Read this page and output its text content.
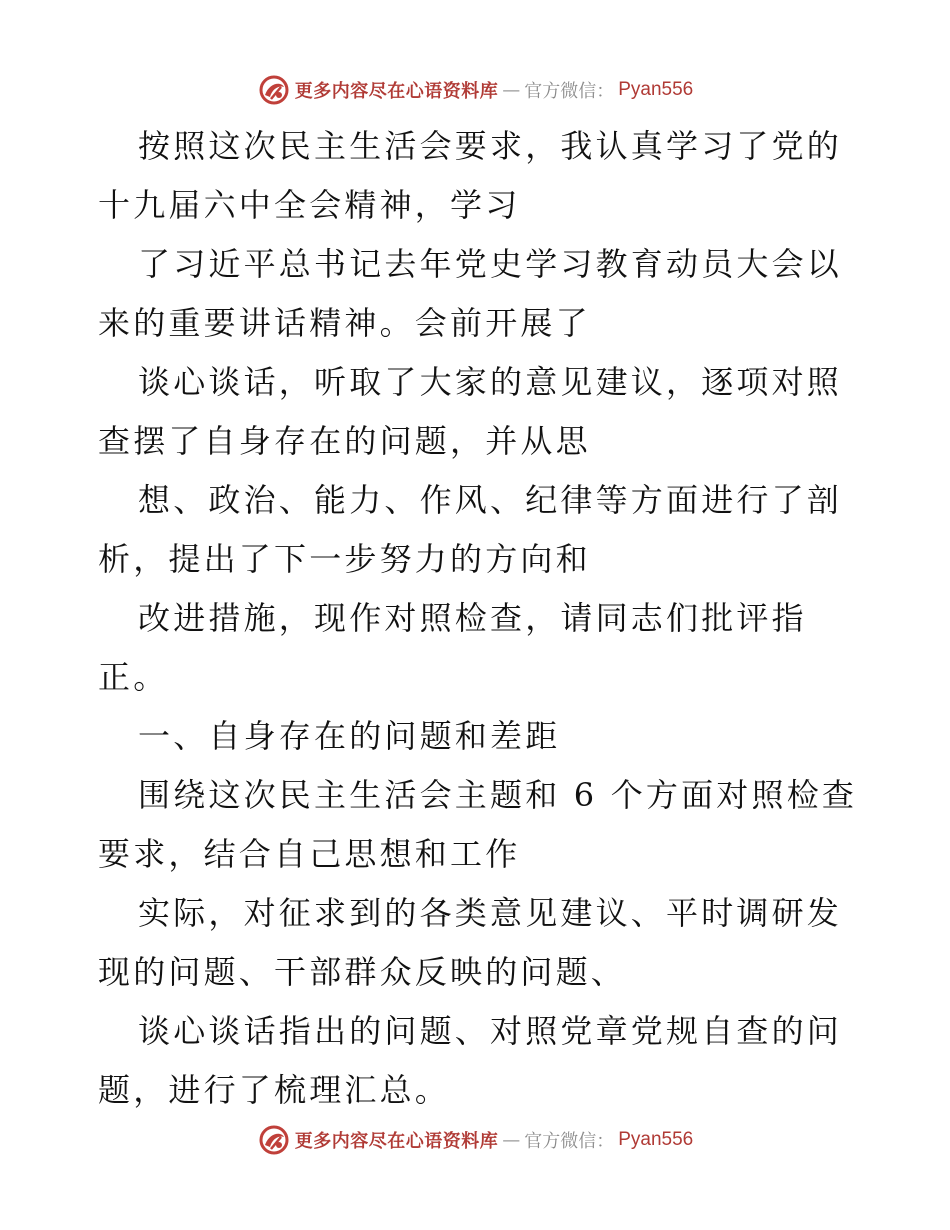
更多内容尽在心语资料库 — 官方微信： Pyan556

按照这次民主生活会要求，我认真学习了党的十九届六中全会精神，学习

了习近平总书记去年党史学习教育动员大会以来的重要讲话精神。会前开展了

谈心谈话，听取了大家的意见建议，逐项对照查摆了自身存在的问题，并从思

想、政治、能力、作风、纪律等方面进行了剖析，提出了下一步努力的方向和

改进措施，现作对照检查，请同志们批评指正。

一、自身存在的问题和差距

围绕这次民主生活会主题和 6 个方面对照检查要求，结合自己思想和工作

实际，对征求到的各类意见建议、平时调研发现的问题、干部群众反映的问题、

谈心谈话指出的问题、对照党章党规自查的问题，进行了梳理汇总。

更多内容尽在心语资料库 — 官方微信： Pyan556
